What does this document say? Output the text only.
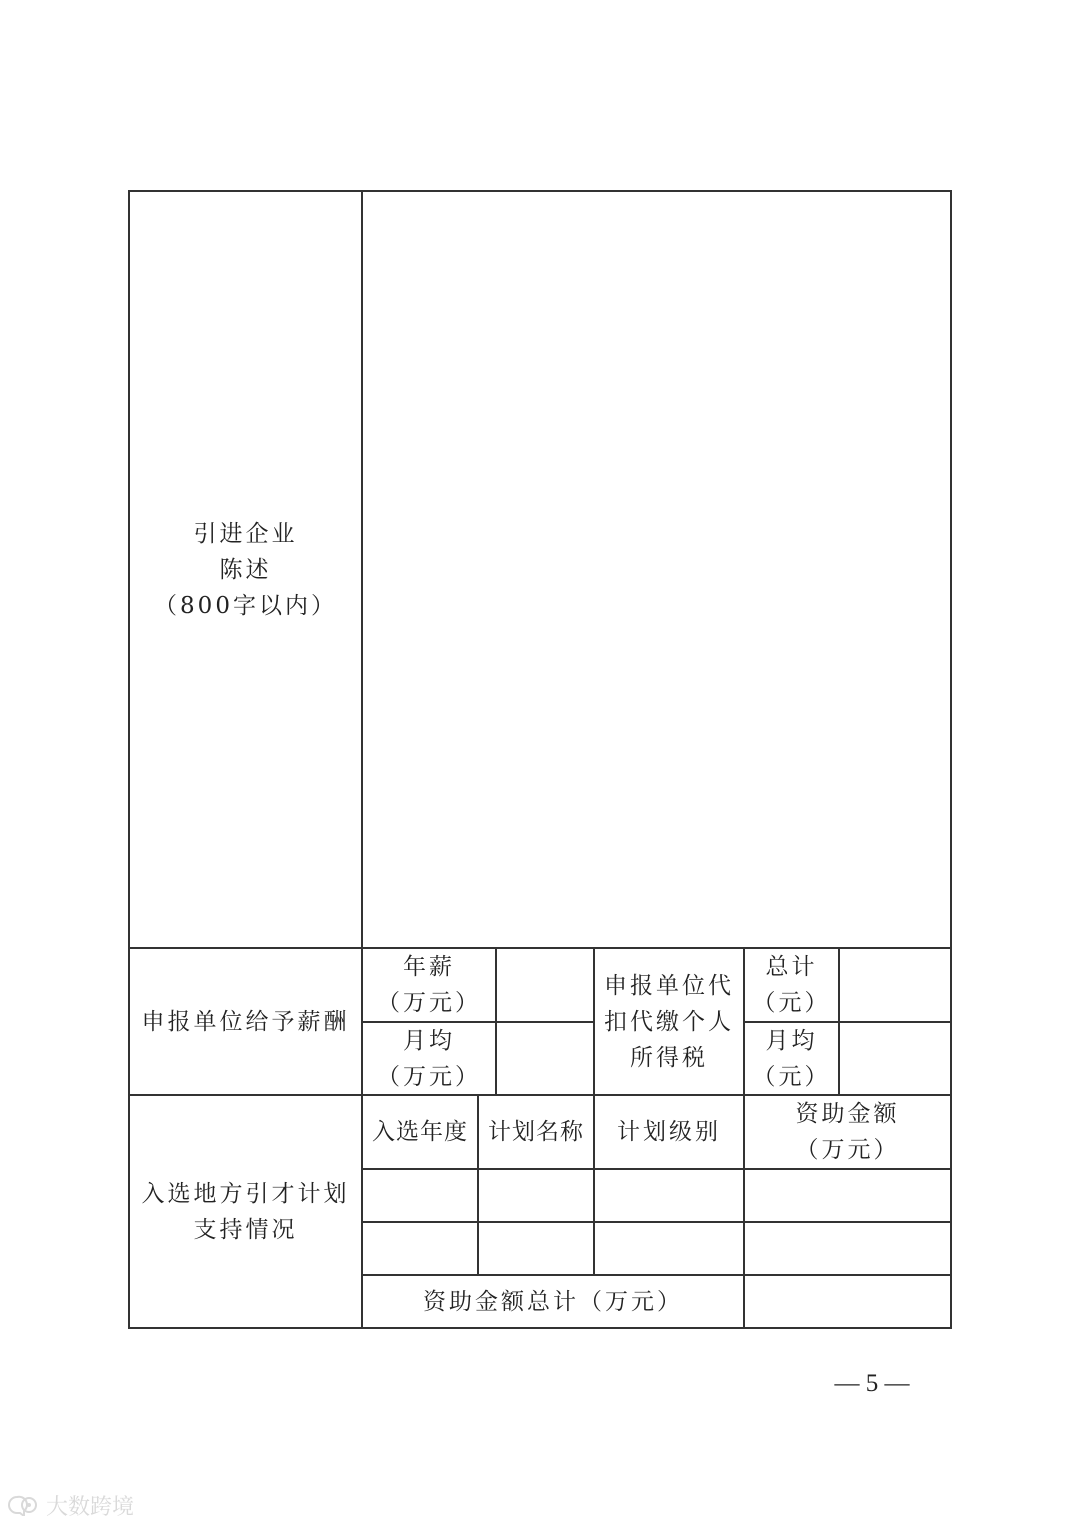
引进企业
陈述
（800字以内）
申报单位给予薪酬
年薪
（万元）
月均
（万元）
申报单位代
扣代缴个人
所得税
总计
（元）
月均
（元）
入选地方引才计划
支持情况
入选年度 计划名称	计划级别
资助金额
（万元）
资助金额总计（万元）
— 5 —
大数跨境
